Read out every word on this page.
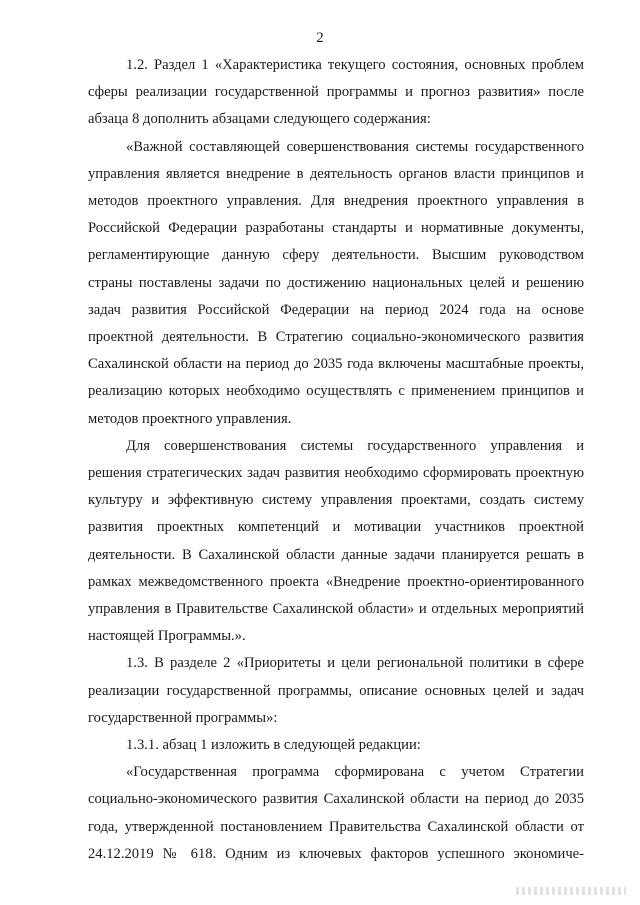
2

1.2. Раздел 1 «Характеристика текущего состояния, основных проблем сферы реализации государственной программы и прогноз развития» после абзаца 8 дополнить абзацами следующего содержания:

«Важной составляющей совершенствования системы государственного управления является внедрение в деятельность органов власти принципов и методов проектного управления. Для внедрения проектного управления в Российской Федерации разработаны стандарты и нормативные документы, регламентирующие данную сферу деятельности. Высшим руководством страны поставлены задачи по достижению национальных целей и решению задач развития Российской Федерации на период 2024 года на основе проектной деятельности. В Стратегию социально-экономического развития Сахалинской области на период до 2035 года включены масштабные проекты, реализацию которых необходимо осуществлять с применением принципов и методов проектного управления.

Для совершенствования системы государственного управления и решения стратегических задач развития необходимо сформировать проектную культуру и эффективную систему управления проектами, создать систему развития проектных компетенций и мотивации участников проектной деятельности. В Сахалинской области данные задачи планируется решать в рамках межведомственного проекта «Внедрение проектно-ориентированного управления в Правительстве Сахалинской области» и отдельных мероприятий настоящей Программы.».

1.3. В разделе 2 «Приоритеты и цели региональной политики в сфере реализации государственной программы, описание основных целей и задач государственной программы»:

1.3.1. абзац 1 изложить в следующей редакции:

«Государственная программа сформирована с учетом Стратегии социально-экономического развития Сахалинской области на период до 2035 года, утвержденной постановлением Правительства Сахалинской области от 24.12.2019 № 618. Одним из ключевых факторов успешного экономиче-
